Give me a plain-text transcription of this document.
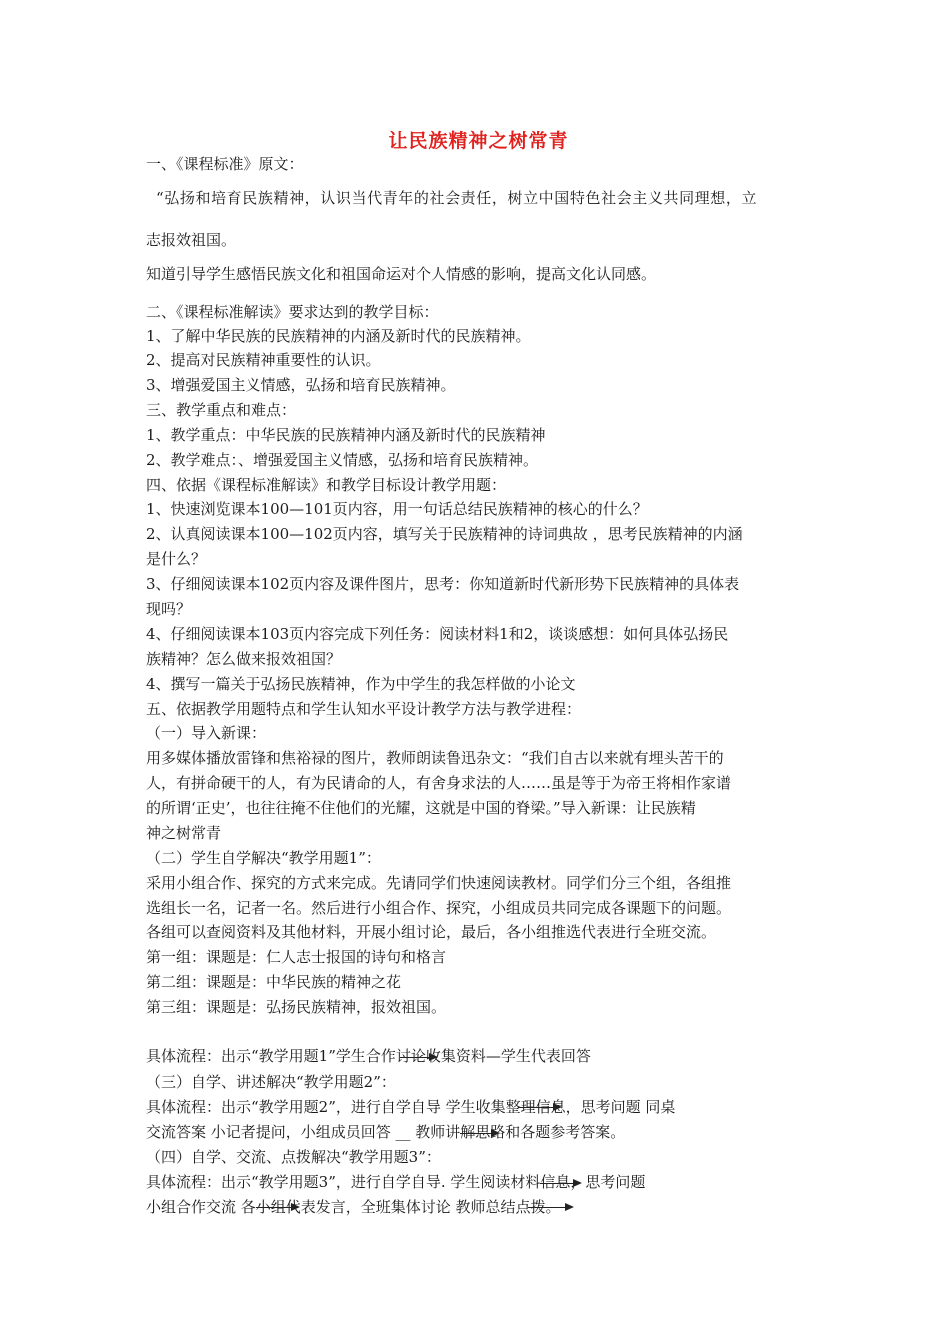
让民族精神之树常青
一、《课程标准》原文：
“弘扬和培育民族精神，认识当代青年的社会责任，树立中国特色社会主义共同理想，立
志报效祖国。
知道引导学生感悟民族文化和祖国命运对个人情感的影响，提高文化认同感。
二、《课程标准解读》要求达到的教学目标：
1、了解中华民族的民族精神的内涵及新时代的民族精神。
2、提高对民族精神重要性的认识。
3、增强爱国主义情感，弘扬和培育民族精神。
三、教学重点和难点：
1、教学重点：中华民族的民族精神内涵及新时代的民族精神
2、教学难点：、增强爱国主义情感，弘扬和培育民族精神。
四、依据《课程标准解读》和教学目标设计教学用题：
1、快速浏览课本100—101页内容，用一句话总结民族精神的核心的什么？
2、认真阅读课本100—102页内容，填写关于民族精神的诗词典故 ，思考民族精神的内涵
是什么？
3、仔细阅读课本102页内容及课件图片，思考：你知道新时代新形势下民族精神的具体表
现吗？
4、仔细阅读课本103页内容完成下列任务：阅读材料1和2，谈谈感想：如何具体弘扬民
族精神？怎么做来报效祖国？
4、撰写一篇关于弘扬民族精神，作为中学生的我怎样做的小论文
五、依据教学用题特点和学生认知水平设计教学方法与教学进程：
（一）导入新课：
用多媒体播放雷锋和焦裕禄的图片，教师朗读鲁迅杂文：“我们自古以来就有埋头苦干的
人，有拼命硬干的人，有为民请命的人，有舍身求法的人……虽是等于为帝王将相作家谱
的所谓‘正史’，也往往掩不住他们的光耀，这就是中国的脊梁。”导入新课：让民族精
神之树常青
（二）学生自学解决“教学用题1”：
采用小组合作、探究的方式来完成。先请同学们快速阅读教材。同学们分三个组，各组推
选组长一名，记者一名。然后进行小组合作、探究，小组成员共同完成各课题下的问题。
各组可以查阅资料及其他材料，开展小组讨论，最后，各小组推选代表进行全班交流。
第一组：课题是：仁人志士报国的诗句和格言
第二组：课题是：中华民族的精神之花
第三组：课题是：弘扬民族精神，报效祖国。
具体流程：出示“教学用题1”学生合作讨论收集资料—学生代表回答
（三）自学、讲述解决“教学用题2”：
具体流程：出示“教学用题2”，进行自学自导 学生收集整理信息，思考问题 同桌
交流答案 小记者提问，小组成员回答 __ 教师讲解思路和各题参考答案。
（四）自学、交流、点拨解决“教学用题3”：
具体流程：出示“教学用题3”，进行自学自导. 学生阅读材料信息，思考问题
小组合作交流 各小组代表发言，全班集体讨论 教师总结点拨。
